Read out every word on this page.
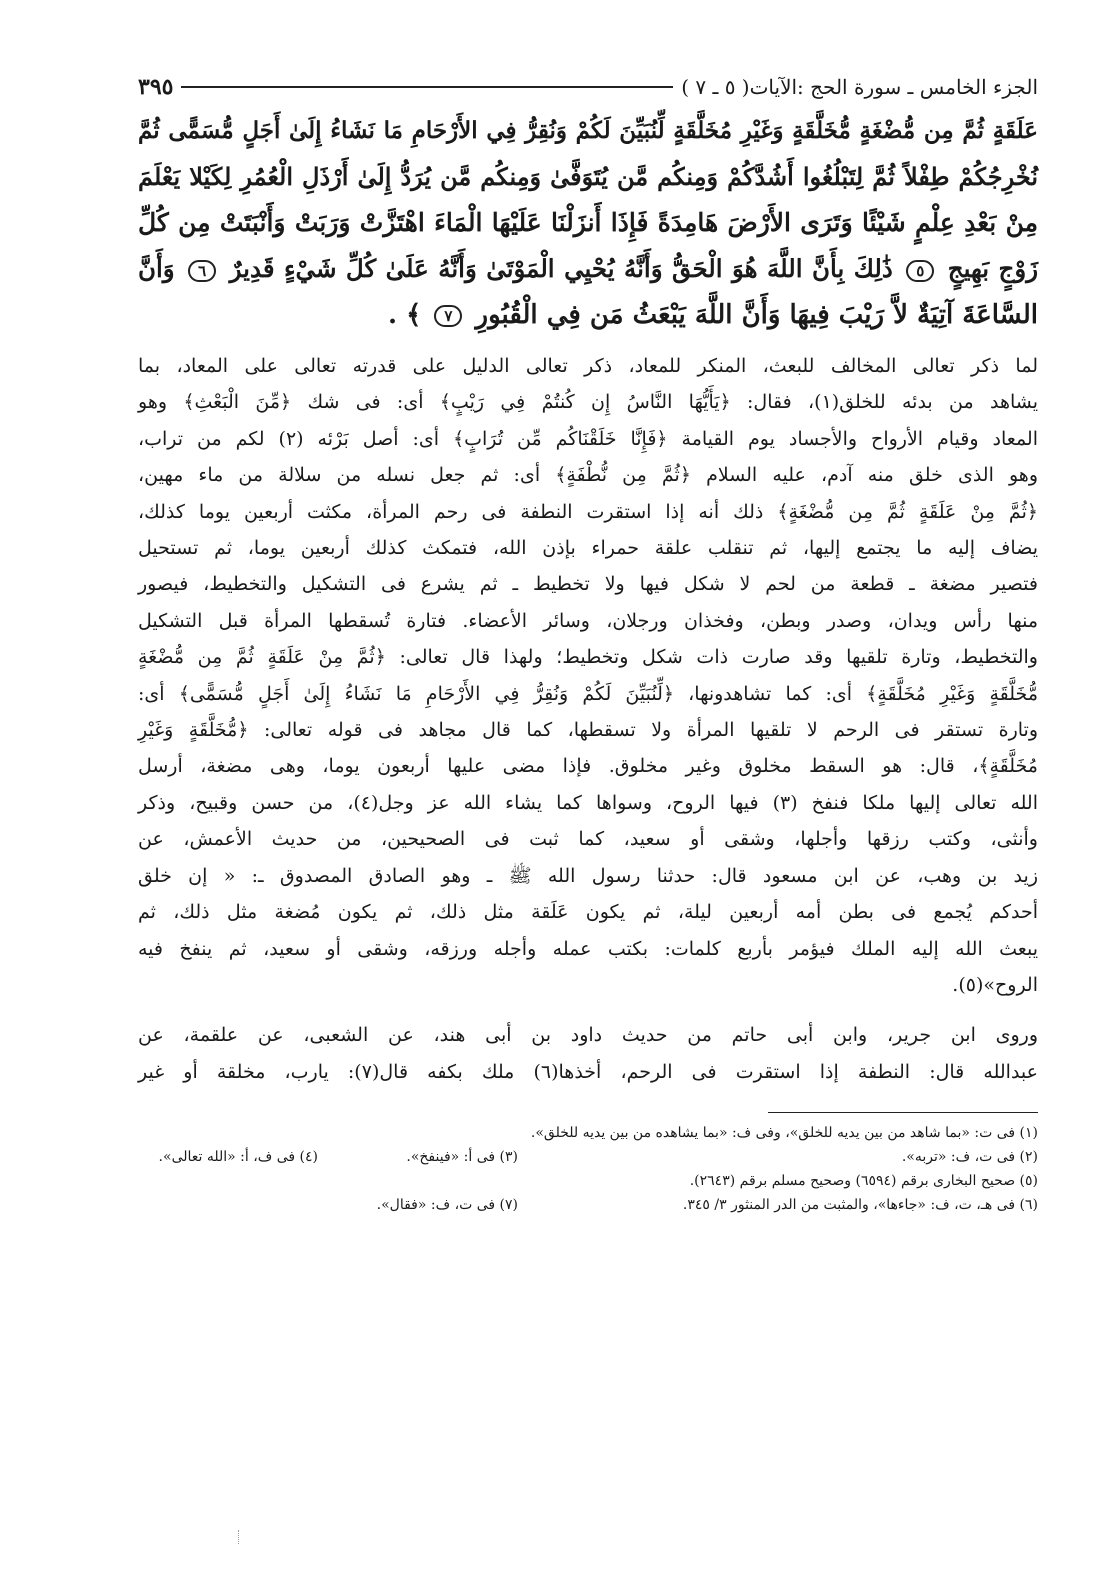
الجزء الخامس ـ سورة الحج :الآيات( ٥ ـ ٧ )
٣٩٥
عَلَقَةٍ ثُمَّ مِن مُّضْغَةٍ مُّخَلَّقَةٍ وَغَيْرِ مُخَلَّقَةٍ لِّنُبَيِّنَ لَكُمْ وَنُقِرُّ فِي الأَرْحَامِ مَا نَشَاءُ إِلَىٰ أَجَلٍ مُّسَمًّى ثُمَّ
نُخْرِجُكُمْ طِفْلاً ثُمَّ لِتَبْلُغُوا أَشُدَّكُمْ وَمِنكُم مَّن يُتَوَفَّىٰ وَمِنكُم مَّن يُرَدُّ إِلَىٰ أَرْذَلِ الْعُمُرِ لِكَيْلا يَعْلَمَ
مِنْ بَعْدِ عِلْمٍ شَيْئًا وَتَرَى الأَرْضَ هَامِدَةً فَإِذَا أَنزَلْنَا عَلَيْهَا الْمَاءَ اهْتَزَّتْ وَرَبَتْ وَأَنْبَتَتْ مِن كُلِّ
زَوْجٍ بَهِيجٍ ٥ ذَٰلِكَ بِأَنَّ اللَّهَ هُوَ الْحَقُّ وَأَنَّهُ يُحْيِي الْمَوْتَىٰ وَأَنَّهُ عَلَىٰ كُلِّ شَيْءٍ قَدِيرٌ ٦ وَأَنَّ
السَّاعَةَ آتِيَةٌ لاَّ رَيْبَ فِيهَا وَأَنَّ اللَّهَ يَبْعَثُ مَن فِي الْقُبُورِ ٧ ﴾ .
لما ذكر تعالى المخالف للبعث، المنكر للمعاد، ذكر تعالى الدليل على قدرته تعالى على المعاد، بما
يشاهد من بدئه للخلق(١)، فقال: ﴿يَأَيُّهَا النَّاسُ إِن كُنتُمْ فِي رَيْبٍ﴾ أى: فى شك ﴿مِّنَ الْبَعْثِ﴾ وهو
المعاد وقيام الأرواح والأجساد يوم القيامة ﴿فَإِنَّا خَلَقْنَاكُم مِّن تُرَابٍ﴾ أى: أصل بَرْئه (٢) لكم من تراب،
وهو الذى خلق منه آدم، عليه السلام ﴿ثُمَّ مِن نُّطْفَةٍ﴾ أى: ثم جعل نسله من سلالة من ماء مهين،
﴿ثُمَّ مِنْ عَلَقَةٍ ثُمَّ مِن مُّضْغَةٍ﴾ ذلك أنه إذا استقرت النطفة فى رحم المرأة، مكثت أربعين يوما كذلك،
يضاف إليه ما يجتمع إليها، ثم تنقلب علقة حمراء بإذن الله، فتمكث كذلك أربعين يوما، ثم تستحيل
فتصير مضغة ـ قطعة من لحم لا شكل فيها ولا تخطيط ـ ثم يشرع فى التشكيل والتخطيط، فيصور
منها رأس ويدان، وصدر وبطن، وفخذان ورجلان، وسائر الأعضاء. فتارة تُسقطها المرأة قبل التشكيل
والتخطيط، وتارة تلقيها وقد صارت ذات شكل وتخطيط؛ ولهذا قال تعالى: ﴿ثُمَّ مِنْ عَلَقَةٍ ثُمَّ مِن مُّضْغَةٍ
مُّخَلَّقَةٍ وَغَيْرِ مُخَلَّقَةٍ﴾ أى: كما تشاهدونها، ﴿لِّنُبَيِّنَ لَكُمْ وَنُقِرُّ فِي الأَرْحَامِ مَا نَشَاءُ إِلَىٰ أَجَلٍ مُّسَمًّى﴾ أى:
وتارة تستقر فى الرحم لا تلقيها المرأة ولا تسقطها، كما قال مجاهد فى قوله تعالى: ﴿مُّخَلَّقَةٍ وَغَيْرِ
مُخَلَّقَةٍ﴾، قال: هو السقط مخلوق وغير مخلوق. فإذا مضى عليها أربعون يوما، وهى مضغة، أرسل
الله تعالى إليها ملكا فنفخ (٣) فيها الروح، وسواها كما يشاء الله عز وجل(٤)، من حسن وقبيح، وذكر
وأنثى، وكتب رزقها وأجلها، وشقى أو سعيد، كما ثبت فى الصحيحين، من حديث الأعمش، عن
زيد بن وهب، عن ابن مسعود قال: حدثنا رسول الله ﷺ ـ وهو الصادق المصدوق ـ: « إن خلق
أحدكم يُجمع فى بطن أمه أربعين ليلة، ثم يكون عَلَقة مثل ذلك، ثم يكون مُضغة مثل ذلك، ثم
يبعث الله إليه الملك فيؤمر بأربع كلمات: بكتب عمله وأجله ورزقه، وشقى أو سعيد، ثم ينفخ فيه
الروح»(٥).
وروى ابن جرير، وابن أبى حاتم من حديث داود بن أبى هند، عن الشعبى، عن علقمة، عن
عبدالله قال: النطفة إذا استقرت فى الرحم، أخذها(٦) ملك بكفه قال(٧): يارب، مخلقة أو غير
(١) فى ت: «بما شاهد من بين يديه للخلق»، وفى ف: «بما يشاهده من بين يديه للخلق».
(٢) فى ت، ف: «تربه».
(٣) فى أ: «فينفخ».
(٤) فى ف، أ: «الله تعالى».
(٥) صحيح البخارى برقم (٦٥٩٤) وصحيح مسلم برقم (٢٦٤٣).
(٦) فى هـ، ت، ف: «جاءها»، والمثبت من الدر المنثور ٣/ ٣٤٥.
(٧) فى ت، ف: «فقال».
